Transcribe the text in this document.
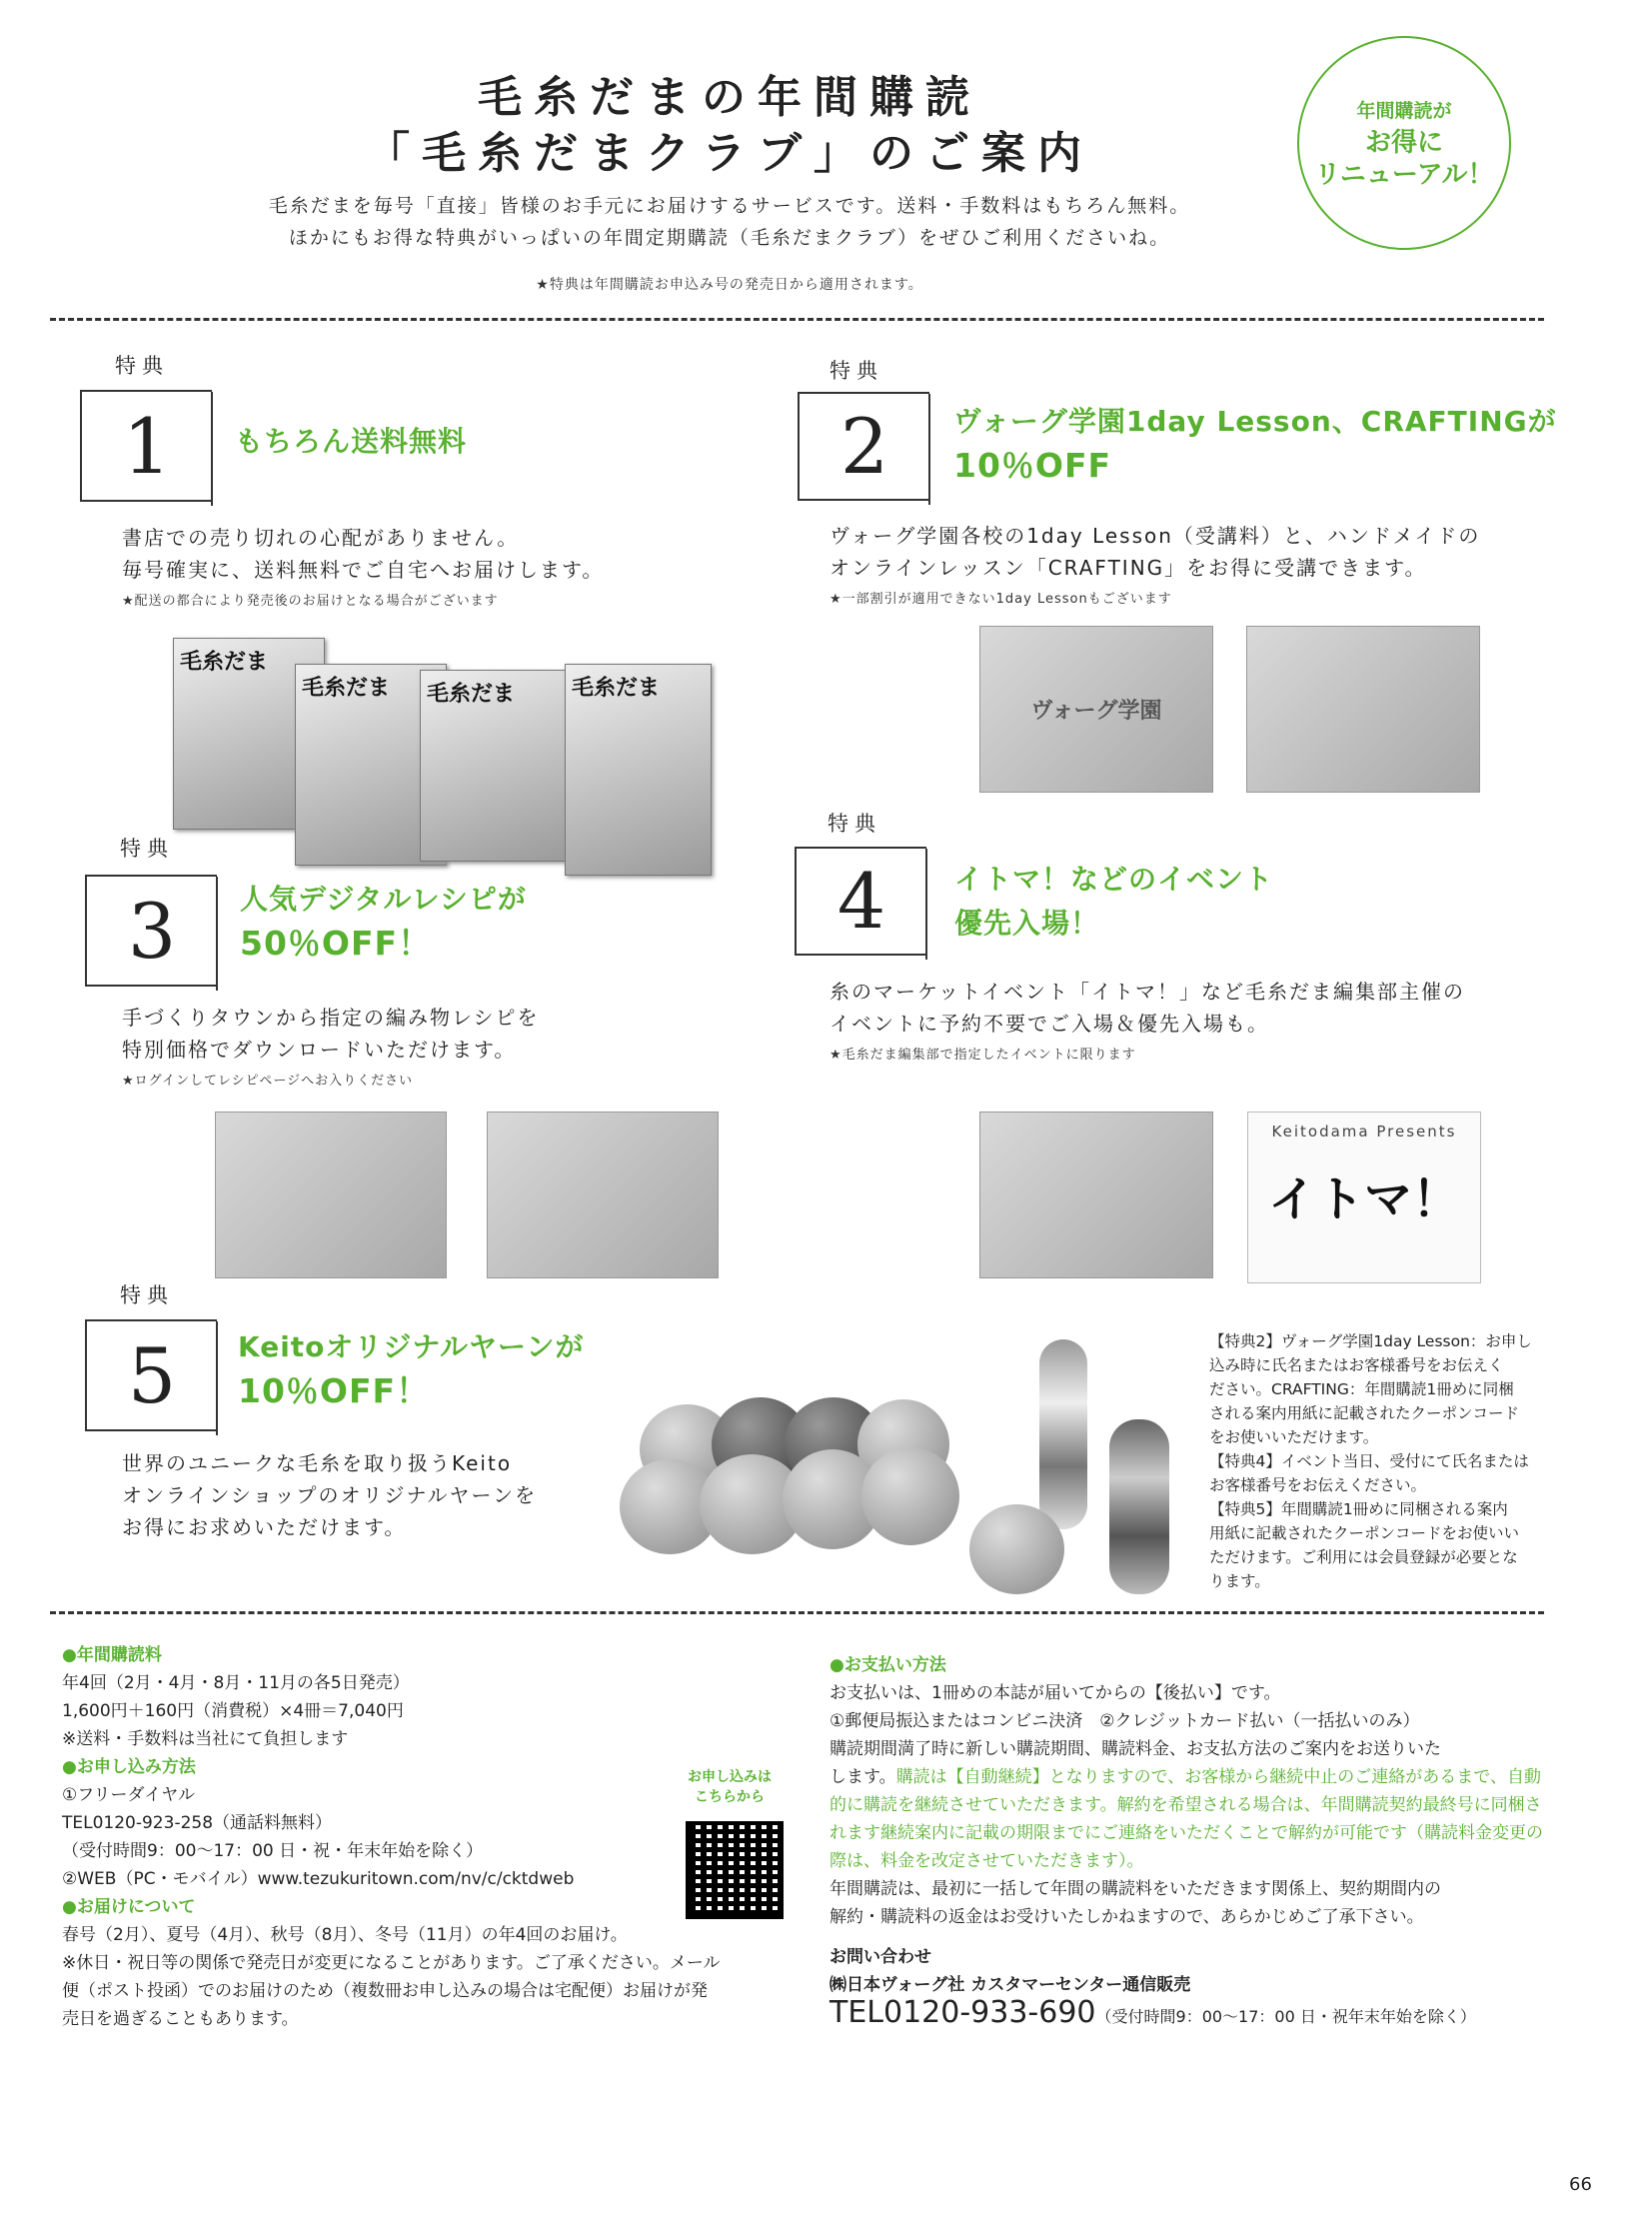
毛糸だまの年間購読
「毛糸だまクラブ」のご案内
年間購読が
お得に
リニューアル！
毛糸だまを毎号「直接」皆様のお手元にお届けするサービスです。送料・手数料はもちろん無料。
ほかにもお得な特典がいっぱいの年間定期購読（毛糸だまクラブ）をぜひご利用くださいね。
★特典は年間購読お申込み号の発売日から適用されます。
特典
1	もちろん送料無料
書店での売り切れの心配がありません。
毎号確実に、送料無料でご自宅へお届けします。
★配送の都合により発売後のお届けとなる場合がございます
毛糸だま
毛糸だま	毛糸だま	毛糸だま
特典
2	ヴォーグ学園1day Lesson、CRAFTINGが
10％OFF
ヴォーグ学園各校の1day Lesson（受講料）と、ハンドメイドの
オンラインレッスン「CRAFTING」をお得に受講できます。
★一部割引が適用できない1day Lessonもございます
ヴォーグ学園
特典
3	人気デジタルレシピが
50％OFF！
手づくりタウンから指定の編み物レシピを
特別価格でダウンロードいただけます。
★ログインしてレシピページへお入りください
特典
4	イトマ！などのイベント
優先入場！
糸のマーケットイベント「イトマ！」など毛糸だま編集部主催の
イベントに予約不要でご入場＆優先入場も。
★毛糸だま編集部で指定したイベントに限ります
Keitodama Presents
イトマ！
特典
5	Keitoオリジナルヤーンが
10％OFF！
世界のユニークな毛糸を取り扱うKeito
オンラインショップのオリジナルヤーンを
お得にお求めいただけます。
【特典2】ヴォーグ学園1day Lesson：お申し
込み時に氏名またはお客様番号をお伝えく
ださい。CRAFTING：年間購読1冊めに同梱
される案内用紙に記載されたクーポンコード
をお使いいただけます。
【特典4】イベント当日、受付にて氏名または
お客様番号をお伝えください。
【特典5】年間購読1冊めに同梱される案内
用紙に記載されたクーポンコードをお使いい
ただけます。ご利用には会員登録が必要とな
ります。
●年間購読料
年4回（2月・4月・8月・11月の各5日発売）
1,600円＋160円（消費税）×4冊＝7,040円
※送料・手数料は当社にて負担します
●お申し込み方法
①フリーダイヤル
TEL0120-923-258（通話料無料）
（受付時間9：00～17：00 日・祝・年末年始を除く）
②WEB（PC・モバイル）www.tezukuritown.com/nv/c/cktdweb
●お届けについて
春号（2月）、夏号（4月）、秋号（8月）、冬号（11月）の年4回のお届け。
※休日・祝日等の関係で発売日が変更になることがあります。ご了承ください。メール
便（ポスト投函）でのお届けのため（複数冊お申し込みの場合は宅配便）お届けが発
売日を過ぎることもあります。
お申し込みは
こちらから
●お支払い方法
お支払いは、1冊めの本誌が届いてからの【後払い】です。
①郵便局振込またはコンビニ決済　②クレジットカード払い（一括払いのみ）
購読期間満了時に新しい購読期間、購読料金、お支払方法のご案内をお送りいた
します。購読は【自動継続】となりますので、お客様から継続中止のご連絡があるまで、自動的に購読を継続させていただきます。解約を希望される場合は、年間購読契約最終号に同梱されます継続案内に記載の期限までにご連絡をいただくことで解約が可能です（購読料金変更の際は、料金を改定させていただきます）。
年間購読は、最初に一括して年間の購読料をいただきます関係上、契約期間内の
解約・購読料の返金はお受けいたしかねますので、あらかじめご了承下さい。
お問い合わせ
㈱日本ヴォーグ社 カスタマーセンター通信販売
TEL0120-933-690（受付時間9：00～17：00 日・祝年末年始を除く）
66
